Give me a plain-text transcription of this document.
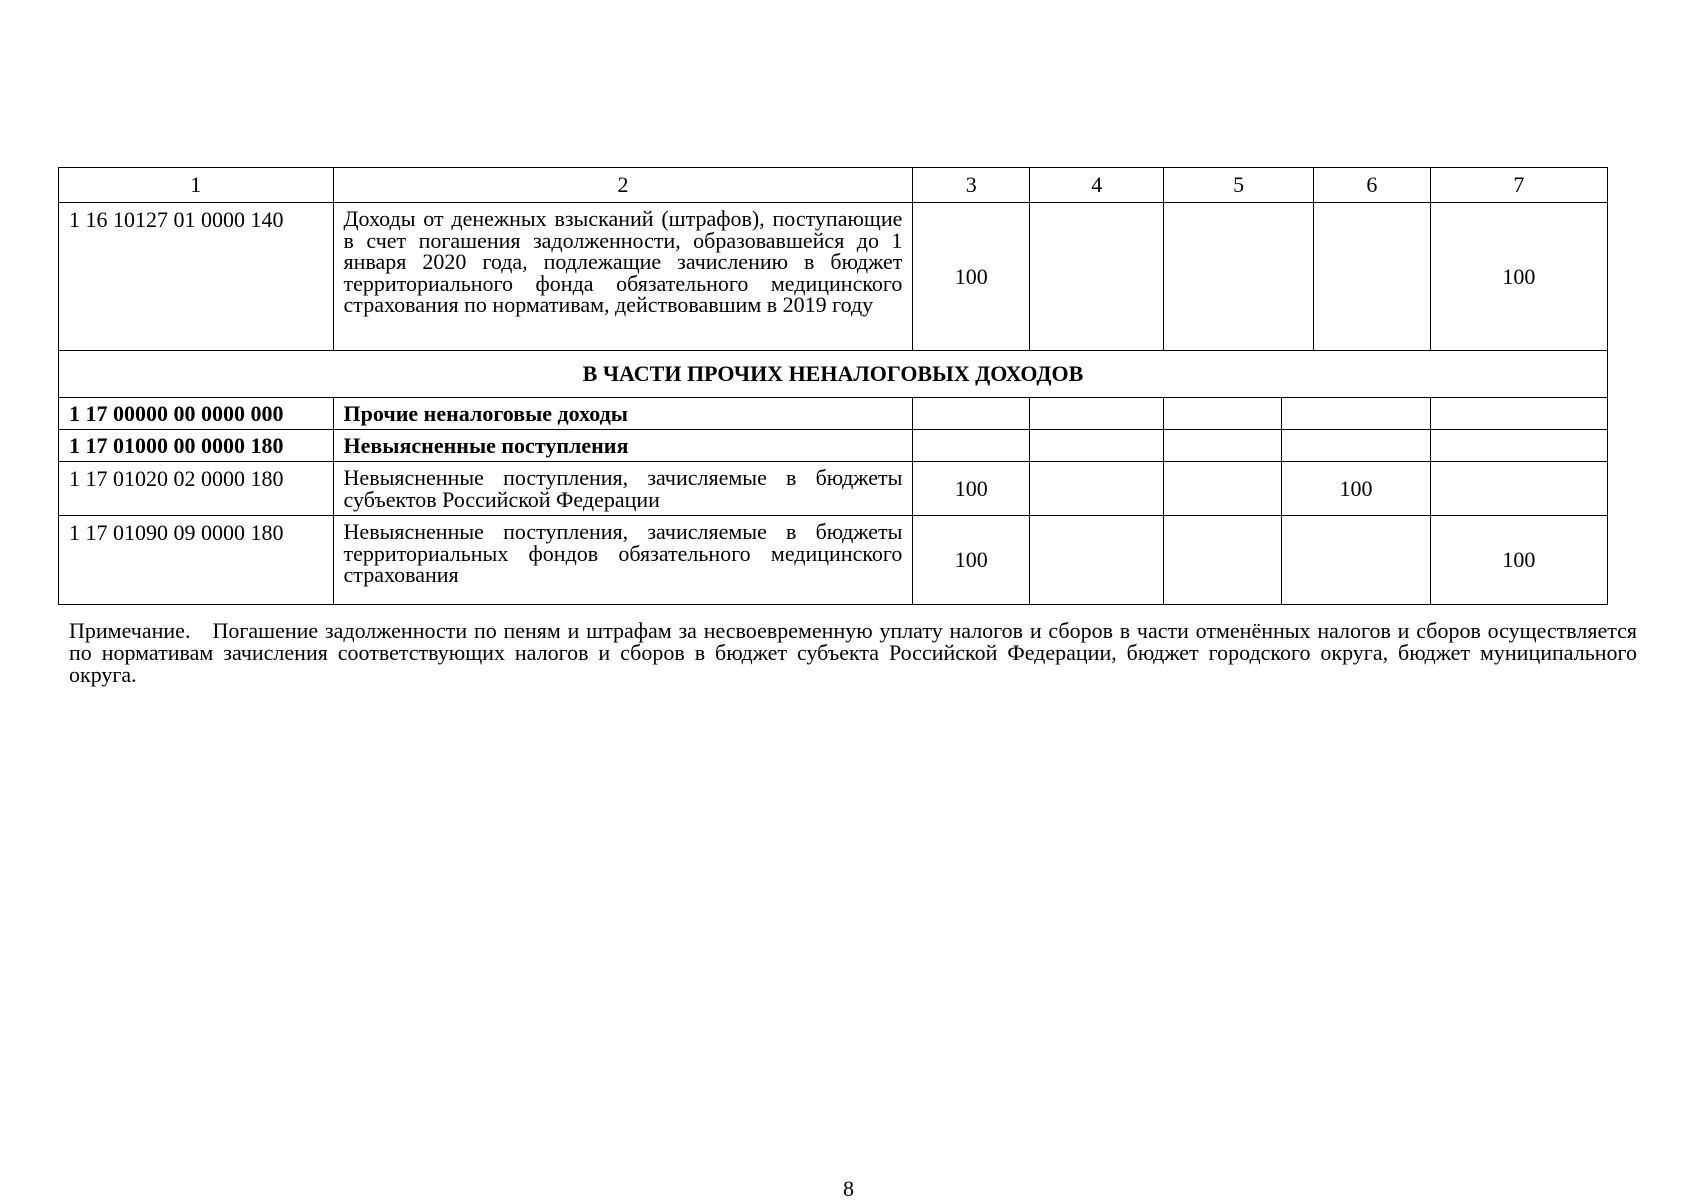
1	2	3	4	5		6	7
1 16 10127 01 0000 140	Доходы от денежных взысканий (штрафов), поступающие в счет погашения задолженности, образовавшейся до 1 января 2020 года, подлежащие зачислению в бюджет территориального фонда обязательного медицинского страхования по нормативам, действовавшим в 2019 году	100					100
В ЧАСТИ ПРОЧИХ НЕНАЛОГОВЫХ ДОХОДОВ							
1 17 00000 00 0000 000	Прочие неналоговые доходы						
1 17 01000 00 0000 180	Невыясненные поступления						
1 17 01020 02 0000 180	Невыясненные поступления, зачисляемые в бюджеты субъектов Российской Федерации	100			100		
1 17 01090 09 0000 180	Невыясненные поступления, зачисляемые в бюджеты территориальных фондов обязательного медицинского страхования	100					100
Примечание. Погашение задолженности по пеням и штрафам за несвоевременную уплату налогов и сборов в части отменённых налогов и сборов осуществляется по нормативам зачисления соответствующих налогов и сборов в бюджет субъекта Российской Федерации, бюджет городского округа, бюджет муниципального округа.
8
